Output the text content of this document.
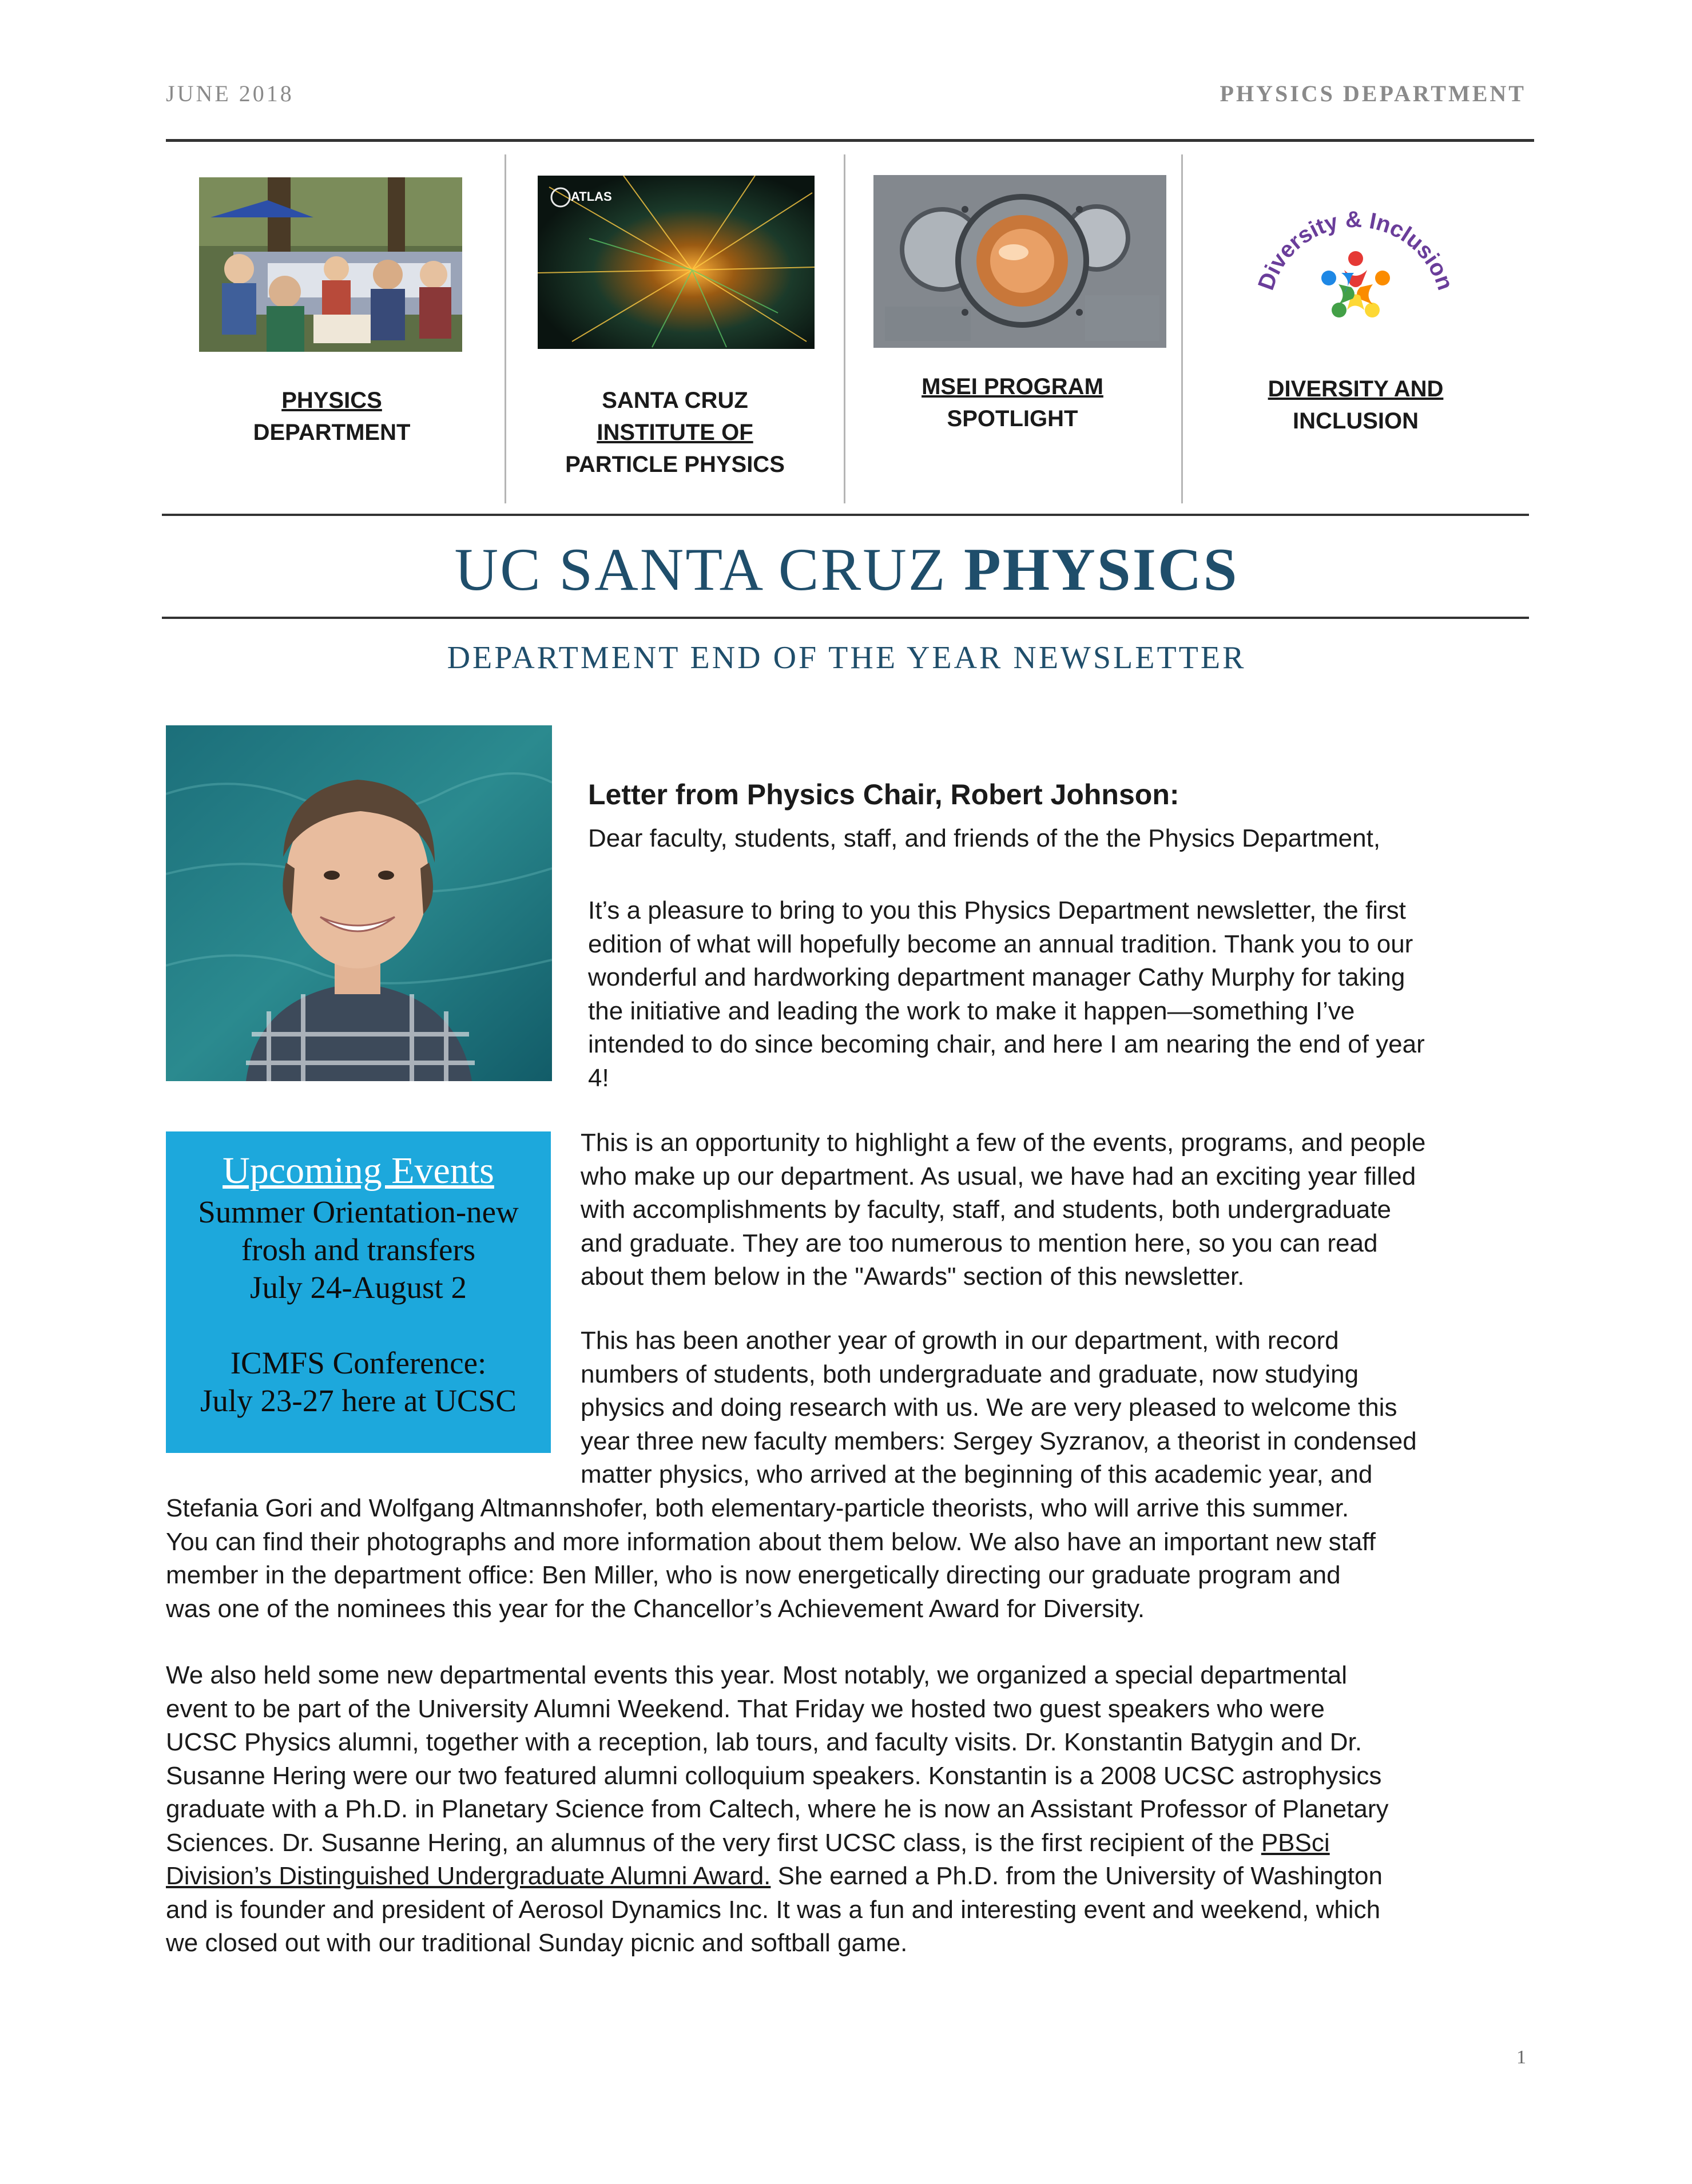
JUNE 2018	PHYSICS DEPARTMENT
PHYSICS
DEPARTMENT
ATLAS
SANTA CRUZ
INSTITUTE OF
PARTICLE PHYSICS
MSEI PROGRAM
SPOTLIGHT
Diversity & Inclusion
DIVERSITY AND
INCLUSION
UC SANTA CRUZ PHYSICS
DEPARTMENT END OF THE YEAR NEWSLETTER
Letter from Physics Chair, Robert Johnson:

Dear faculty, students, staff, and friends of the the Physics Department,

It’s a pleasure to bring to you this Physics Department newsletter, the first

edition of what will hopefully become an annual tradition. Thank you to our

wonderful and hardworking department manager Cathy Murphy for taking

the initiative and leading the work to make it happen—something I’ve

intended to do since becoming chair, and here I am nearing the end of year

4!

Upcoming Events
Summer Orientation-new
frosh and transfers
July 24-August 2
ICMFS Conference:
July 23-27 here at UCSC

This is an opportunity to highlight a few of the events, programs, and people

who make up our department. As usual, we have had an exciting year filled

with accomplishments by faculty, staff, and students, both undergraduate

and graduate. They are too numerous to mention here, so you can read

about them below in the "Awards" section of this newsletter.

This has been another year of growth in our department, with record

numbers of students, both undergraduate and graduate, now studying

physics and doing research with us. We are very pleased to welcome this

year three new faculty members: Sergey Syzranov, a theorist in condensed

matter physics, who arrived at the beginning of this academic year, and

Stefania Gori and Wolfgang Altmannshofer, both elementary-particle theorists, who will arrive this summer.

You can find their photographs and more information about them below. We also have an important new staff

member in the department office: Ben Miller, who is now energetically directing our graduate program and

was one of the nominees this year for the Chancellor’s Achievement Award for Diversity.

We also held some new departmental events this year. Most notably, we organized a special departmental

event to be part of the University Alumni Weekend. That Friday we hosted two guest speakers who were

UCSC Physics alumni, together with a reception, lab tours, and faculty visits. Dr. Konstantin Batygin and Dr.

Susanne Hering were our two featured alumni colloquium speakers. Konstantin is a 2008 UCSC astrophysics

graduate with a Ph.D. in Planetary Science from Caltech, where he is now an Assistant Professor of Planetary

Sciences. Dr. Susanne Hering, an alumnus of the very first UCSC class, is the first recipient of the PBSci

Division’s Distinguished Undergraduate Alumni Award. She earned a Ph.D. from the University of Washington

and is founder and president of Aerosol Dynamics Inc. It was a fun and interesting event and weekend, which

we closed out with our traditional Sunday picnic and softball game.

1
